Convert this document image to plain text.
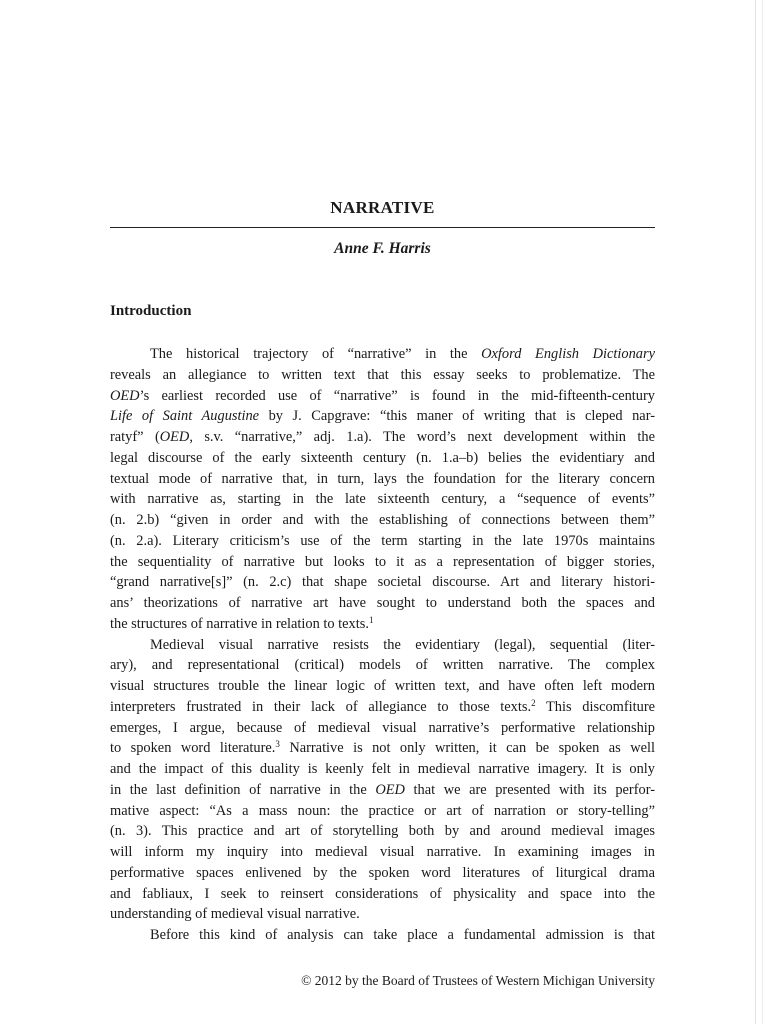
NARRATIVE
Anne F. Harris
Introduction
The historical trajectory of “narrative” in the Oxford English Dictionary
reveals an allegiance to written text that this essay seeks to problematize. The
OED’s earliest recorded use of “narrative” is found in the mid-fifteenth-century
Life of Saint Augustine by J. Capgrave: “this maner of writing that is cleped nar-
ratyf” (OED, s.v. “narrative,” adj. 1.a). The word’s next development within the
legal discourse of the early sixteenth century (n. 1.a–b) belies the evidentiary and
textual mode of narrative that, in turn, lays the foundation for the literary concern
with narrative as, starting in the late sixteenth century, a “sequence of events”
(n. 2.b) “given in order and with the establishing of connections between them”
(n. 2.a). Literary criticism’s use of the term starting in the late 1970s maintains
the sequentiality of narrative but looks to it as a representation of bigger stories,
“grand narrative[s]” (n. 2.c) that shape societal discourse. Art and literary histori-
ans’ theorizations of narrative art have sought to understand both the spaces and
the structures of narrative in relation to texts.$^1$
Medieval visual narrative resists the evidentiary (legal), sequential (liter-
ary), and representational (critical) models of written narrative. The complex
visual structures trouble the linear logic of written text, and have often left modern
interpreters frustrated in their lack of allegiance to those texts.$^2$ This discomfiture
emerges, I argue, because of medieval visual narrative’s performative relationship
to spoken word literature.$^3$ Narrative is not only written, it can be spoken as well
and the impact of this duality is keenly felt in medieval narrative imagery. It is only
in the last definition of narrative in the OED that we are presented with its perfor-
mative aspect: “As a mass noun: the practice or art of narration or story-telling”
(n. 3). This practice and art of storytelling both by and around medieval images
will inform my inquiry into medieval visual narrative. In examining images in
performative spaces enlivened by the spoken word literatures of liturgical drama
and fabliaux, I seek to reinsert considerations of physicality and space into the
understanding of medieval visual narrative.
Before this kind of analysis can take place a fundamental admission is that
© 2012 by the Board of Trustees of Western Michigan University
